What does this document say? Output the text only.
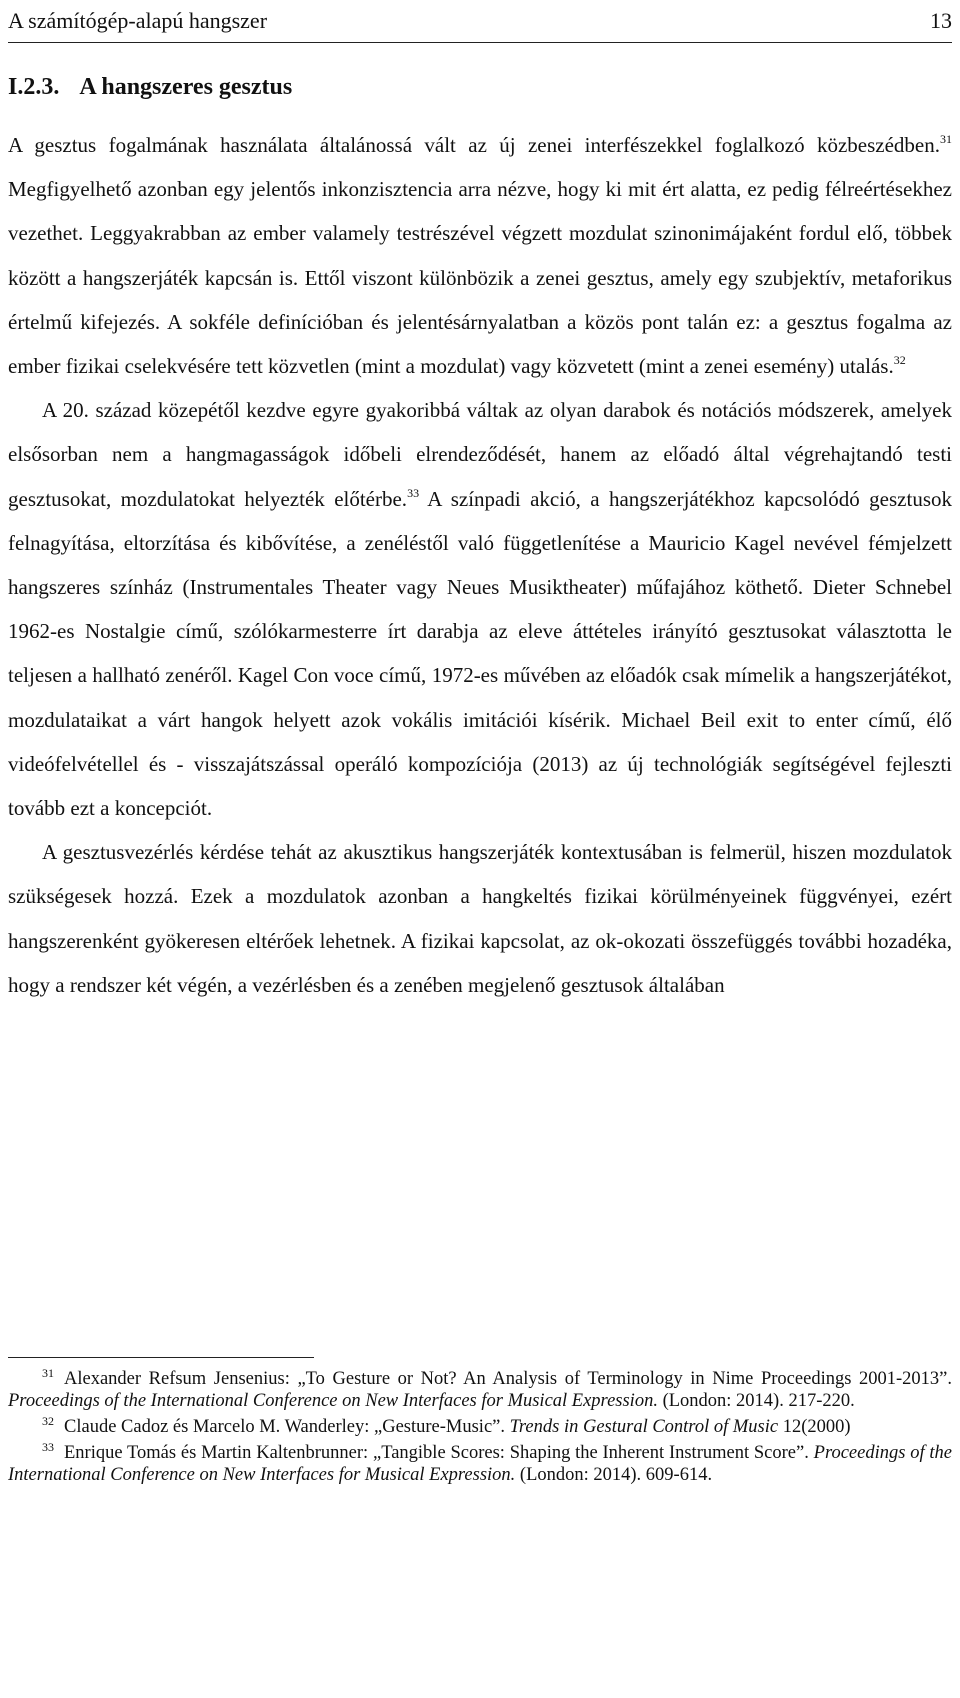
A számítógép-alapú hangszer	13
I.2.3. A hangszeres gesztus

A gesztus fogalmának használata általánossá vált az új zenei interfészekkel foglalkozó közbeszédben.$^{31}$ Megfigyelhető azonban egy jelentős inkonzisztencia arra nézve, hogy ki mit ért alatta, ez pedig félreértésekhez vezethet. Leggyakrabban az ember valamely testrészével végzett mozdulat szinonimájaként fordul elő, többek között a hangszerjáték kapcsán is. Ettől viszont különbözik a zenei gesztus, amely egy szubjektív, metaforikus értelmű kifejezés. A sokféle definícióban és jelentésárnyalatban a közös pont talán ez: a gesztus fogalma az ember fizikai cselekvésére tett közvetlen (mint a mozdulat) vagy közvetett (mint a zenei esemény) utalás.$^{32}$

A 20. század közepétől kezdve egyre gyakoribbá váltak az olyan darabok és notációs módszerek, amelyek elsősorban nem a hangmagasságok időbeli elrendeződését, hanem az előadó által végrehajtandó testi gesztusokat, mozdulatokat helyezték előtérbe.$^{33}$ A színpadi akció, a hangszerjátékhoz kapcsolódó gesztusok felnagyítása, eltorzítása és kibővítése, a zenéléstől való függetlenítése a Mauricio Kagel nevével fémjelzett hangszeres színház (Instrumentales Theater vagy Neues Musiktheater) műfajához köthető. Dieter Schnebel 1962-es Nostalgie című, szólókarmesterre írt darabja az eleve áttételes irányító gesztusokat választotta le teljesen a hallható zenéről. Kagel Con voce című, 1972-es művében az előadók csak mímelik a hangszerjátékot, mozdulataikat a várt hangok helyett azok vokális imitációi kísérik. Michael Beil exit to enter című, élő videófelvétellel és - visszajátszással operáló kompozíciója (2013) az új technológiák segítségével fejleszti tovább ezt a koncepciót.

A gesztusvezérlés kérdése tehát az akusztikus hangszerjáték kontextusában is felmerül, hiszen mozdulatok szükségesek hozzá. Ezek a mozdulatok azonban a hangkeltés fizikai körülményeinek függvényei, ezért hangszerenként gyökeresen eltérőek lehetnek. A fizikai kapcsolat, az ok-okozati összefüggés további hozadéka, hogy a rendszer két végén, a vezérlésben és a zenében megjelenő gesztusok általában

$^{31}$ Alexander Refsum Jensenius: „To Gesture or Not? An Analysis of Terminology in Nime Proceedings 2001-2013”. Proceedings of the International Conference on New Interfaces for Musical Expression. (London: 2014). 217-220.

$^{32}$ Claude Cadoz és Marcelo M. Wanderley: „Gesture-Music”. Trends in Gestural Control of Music 12(2000)

$^{33}$ Enrique Tomás és Martin Kaltenbrunner: „Tangible Scores: Shaping the Inherent Instrument Score”. Proceedings of the International Conference on New Interfaces for Musical Expression. (London: 2014). 609-614.
